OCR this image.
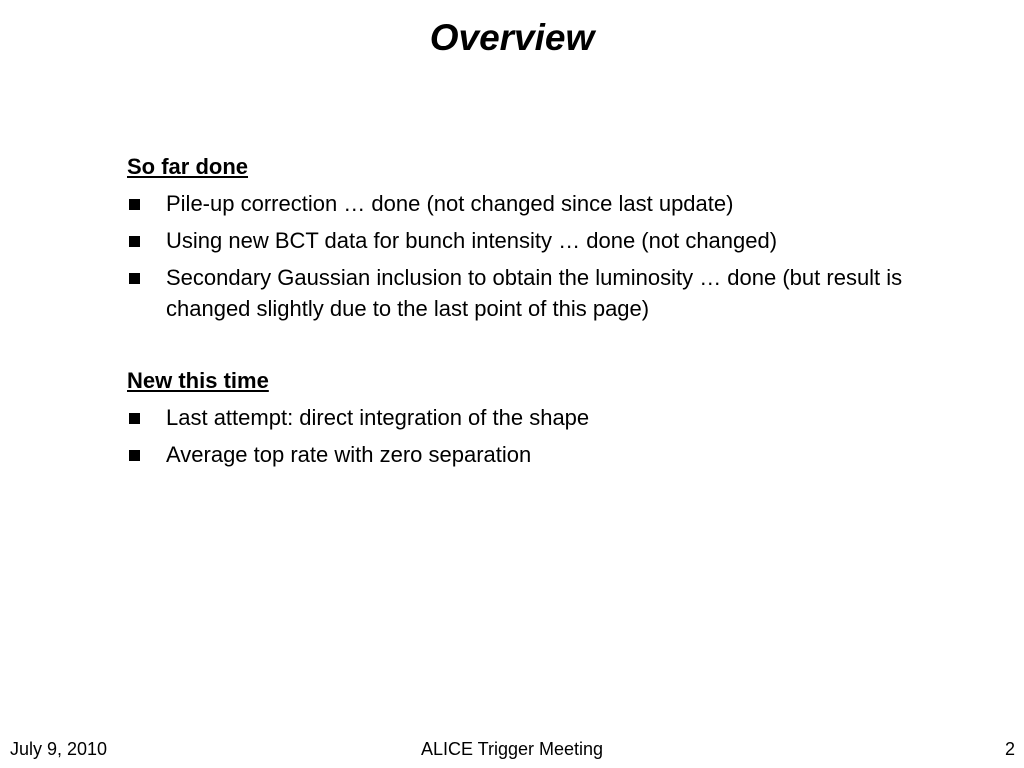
Overview
So far done
Pile-up correction … done (not changed since last update)
Using new BCT data for bunch intensity … done (not changed)
Secondary Gaussian inclusion to obtain the luminosity … done (but result is changed slightly due to the last point of this page)
New this time
Last attempt: direct integration of the shape
Average top rate with zero separation
July 9, 2010	ALICE Trigger Meeting	2
